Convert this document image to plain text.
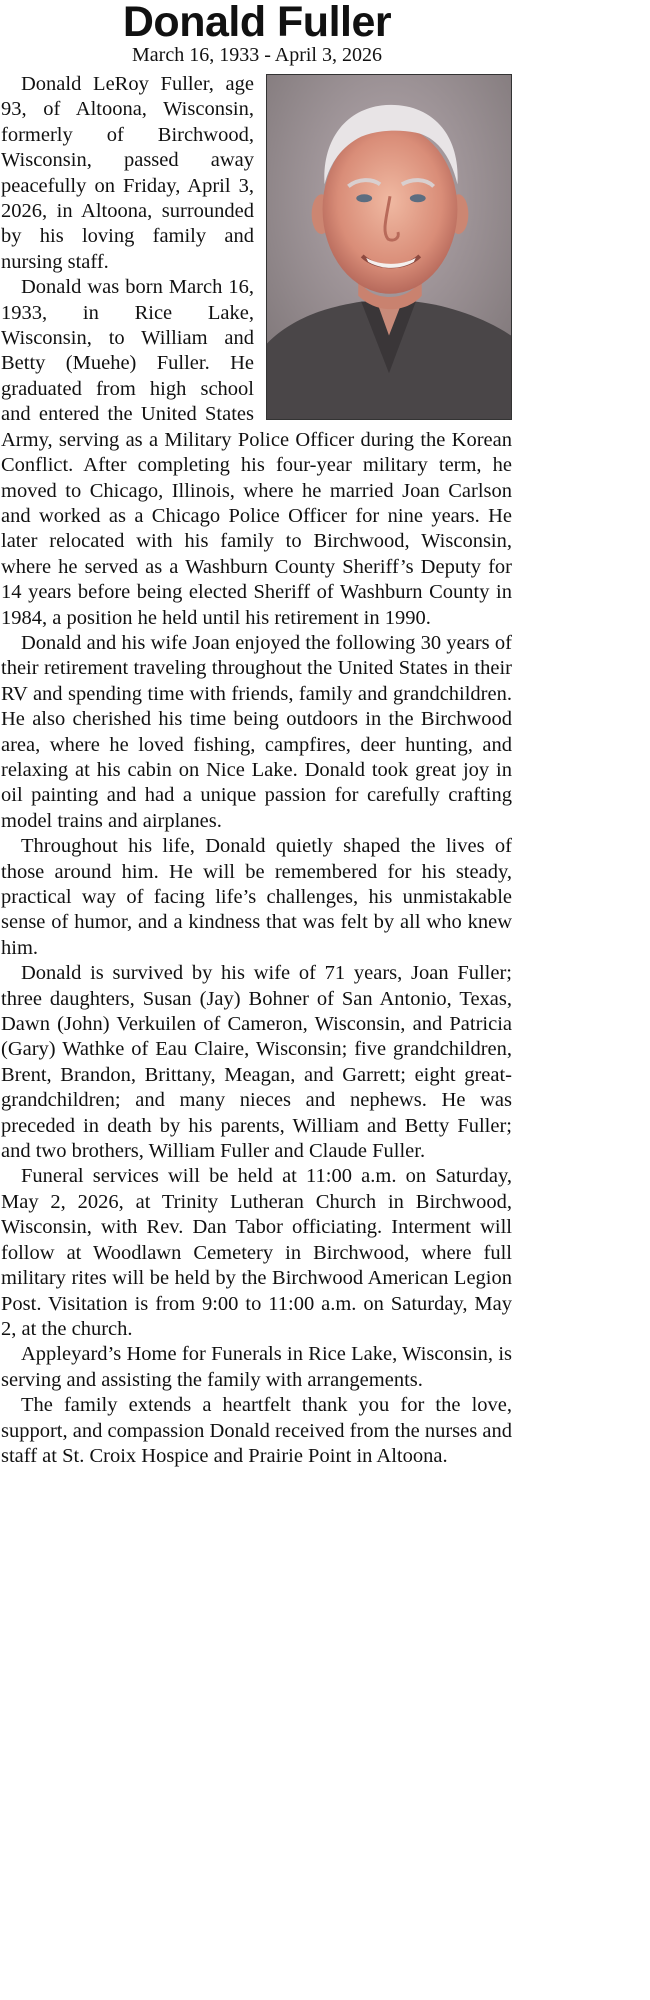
Donald Fuller
March 16, 1933 - April 3, 2026

Donald LeRoy Fuller, age 93, of Altoona, Wisconsin, formerly of Birchwood, Wisconsin, passed away peacefully on Friday, April 3, 2026, in Altoona, surrounded by his loving family and nursing staff.

Donald was born March 16, 1933, in Rice Lake, Wisconsin, to William and Betty (Muehe) Fuller. He graduated from high school and entered the United States Army, serving as a Military Police Officer during the Korean Conflict. After completing his four-year military term, he moved to Chicago, Illinois, where he married Joan Carlson and worked as a Chicago Police Officer for nine years. He later relocated with his family to Birchwood, Wisconsin, where he served as a Washburn County Sheriff’s Deputy for 14 years before being elected Sheriff of Washburn County in 1984, a position he held until his retirement in 1990.

Donald and his wife Joan enjoyed the following 30 years of their retirement traveling throughout the United States in their RV and spending time with friends, family and grandchildren. He also cherished his time being outdoors in the Birchwood area, where he loved fishing, campfires, deer hunting, and relaxing at his cabin on Nice Lake. Donald took great joy in oil painting and had a unique passion for carefully crafting model trains and airplanes.

Throughout his life, Donald quietly shaped the lives of those around him. He will be remembered for his steady, practical way of facing life’s challenges, his unmistakable sense of humor, and a kindness that was felt by all who knew him.

Donald is survived by his wife of 71 years, Joan Fuller; three daughters, Susan (Jay) Bohner of San Antonio, Texas, Dawn (John) Verkuilen of Cameron, Wisconsin, and Patricia (Gary) Wathke of Eau Claire, Wisconsin; five grandchildren, Brent, Brandon, Brittany, Meagan, and Garrett; eight great-grandchildren; and many nieces and nephews. He was preceded in death by his parents, William and Betty Fuller; and two brothers, William Fuller and Claude Fuller.

Funeral services will be held at 11:00 a.m. on Saturday, May 2, 2026, at Trinity Lutheran Church in Birchwood, Wisconsin, with Rev. Dan Tabor officiating. Interment will follow at Woodlawn Cemetery in Birchwood, where full military rites will be held by the Birchwood American Legion Post. Visitation is from 9:00 to 11:00 a.m. on Saturday, May 2, at the church.

Appleyard’s Home for Funerals in Rice Lake, Wisconsin, is serving and assisting the family with arrangements.

The family extends a heartfelt thank you for the love, support, and compassion Donald received from the nurses and staff at St. Croix Hospice and Prairie Point in Altoona.
